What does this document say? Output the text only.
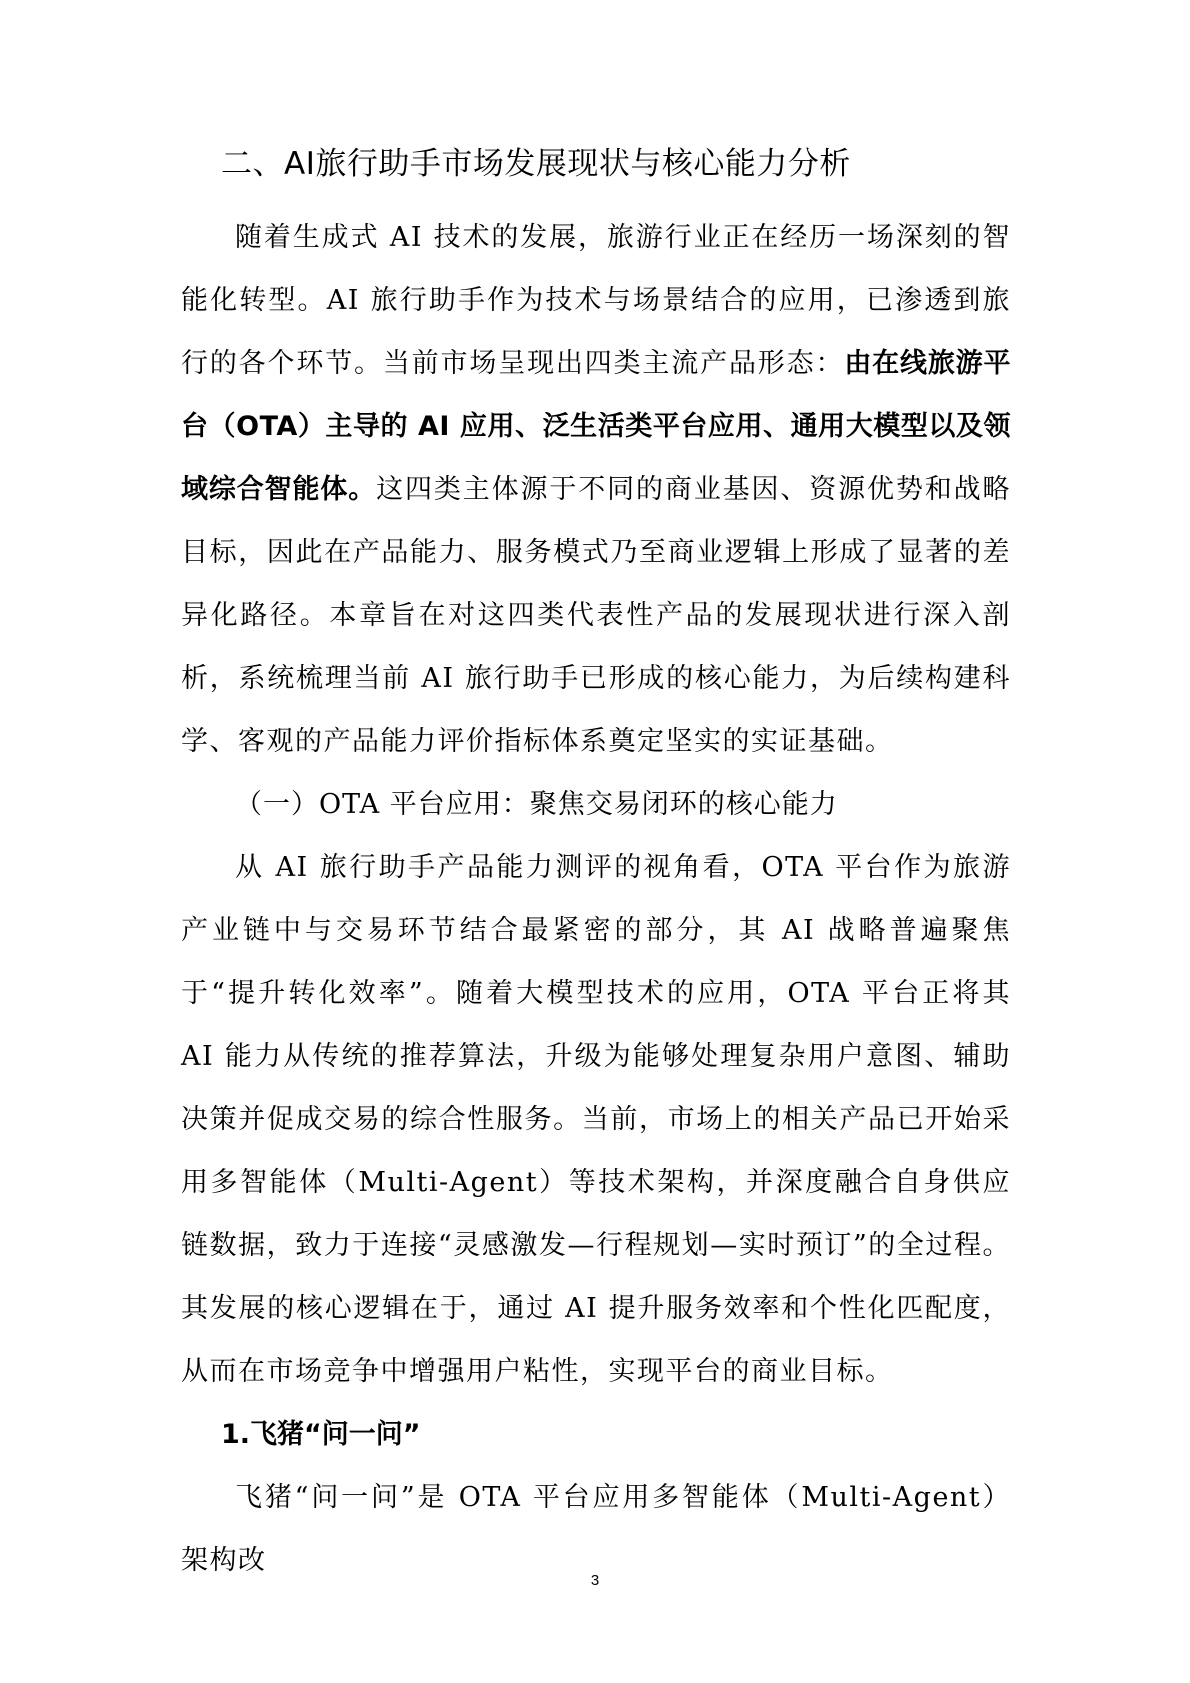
二、AI旅行助手市场发展现状与核心能力分析

随着生成式 AI 技术的发展，旅游行业正在经历一场深刻的智能化转型。AI 旅行助手作为技术与场景结合的应用，已渗透到旅行的各个环节。当前市场呈现出四类主流产品形态：由在线旅游平台（OTA）主导的 AI 应用、泛生活类平台应用、通用大模型以及领域综合智能体。这四类主体源于不同的商业基因、资源优势和战略目标，因此在产品能力、服务模式乃至商业逻辑上形成了显著的差异化路径。本章旨在对这四类代表性产品的发展现状进行深入剖析，系统梳理当前 AI 旅行助手已形成的核心能力，为后续构建科学、客观的产品能力评价指标体系奠定坚实的实证基础。

（一）OTA 平台应用：聚焦交易闭环的核心能力

从 AI 旅行助手产品能力测评的视角看，OTA 平台作为旅游产业链中与交易环节结合最紧密的部分，其 AI 战略普遍聚焦于“提升转化效率”。随着大模型技术的应用，OTA 平台正将其 AI 能力从传统的推荐算法，升级为能够处理复杂用户意图、辅助决策并促成交易的综合性服务。当前，市场上的相关产品已开始采用多智能体（Multi-Agent）等技术架构，并深度融合自身供应链数据，致力于连接“灵感激发—行程规划—实时预订”的全过程。其发展的核心逻辑在于，通过 AI 提升服务效率和个性化匹配度，从而在市场竞争中增强用户粘性，实现平台的商业目标。

1.飞猪“问一问”

飞猪“问一问”是 OTA 平台应用多智能体（Multi-Agent）架构改

3
